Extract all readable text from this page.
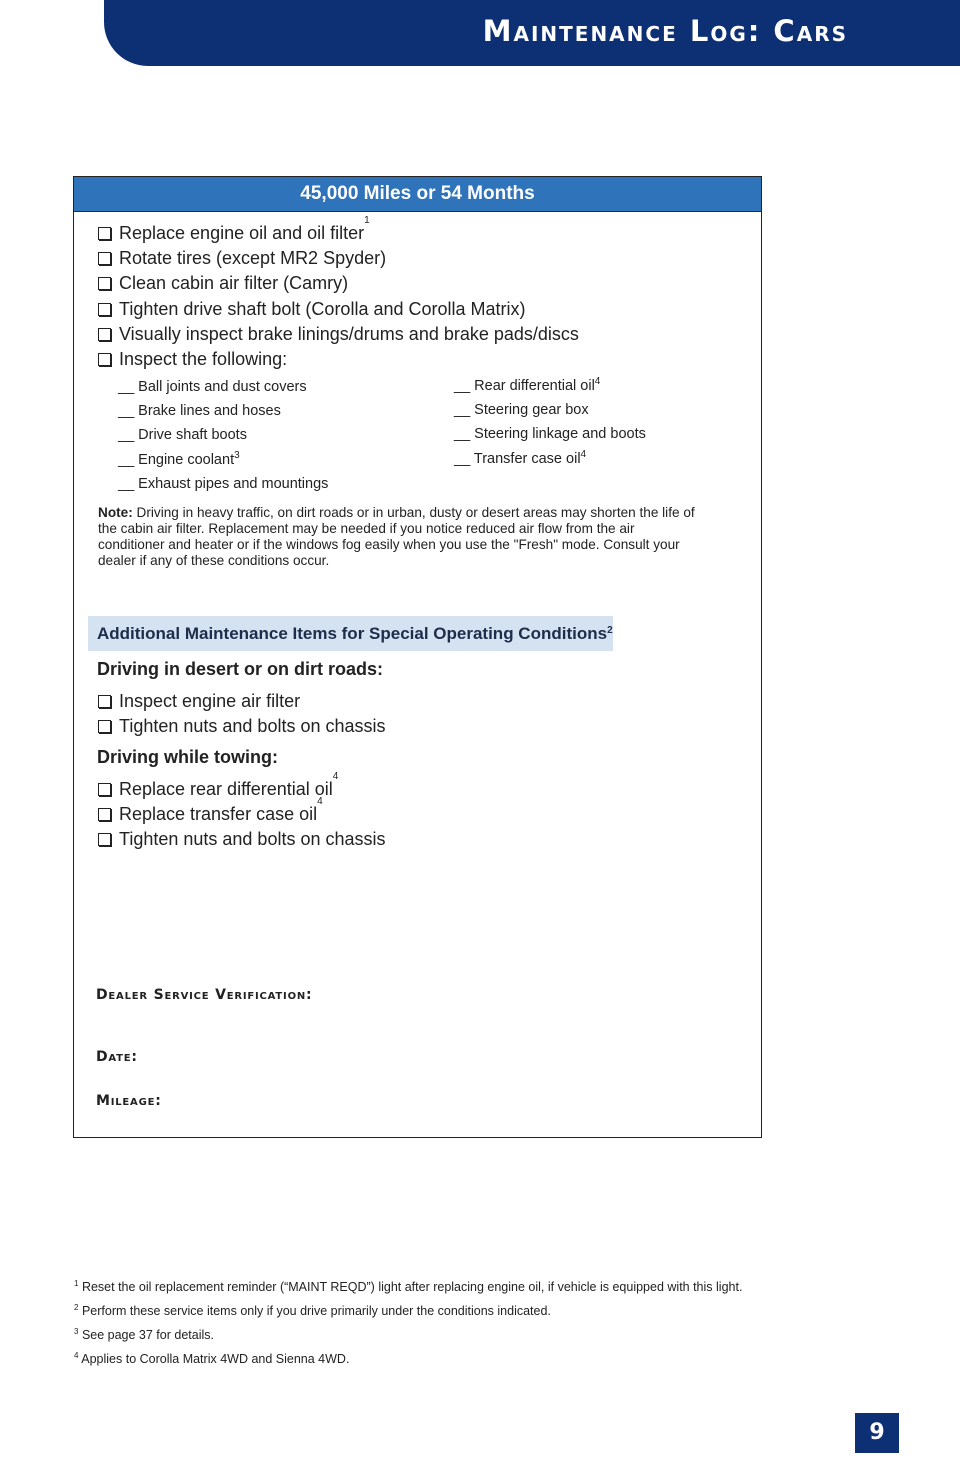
Maintenance Log: Cars
45,000 Miles or 54 Months
Replace engine oil and oil filter
1
Rotate tires (except MR2 Spyder)
Clean cabin air filter (Camry)
Tighten drive shaft bolt (Corolla and Corolla Matrix)
Visually inspect brake linings/drums and brake pads/discs
Inspect the following:
__ Ball joints and dust covers
__ Brake lines and hoses
__ Drive shaft boots
__ Engine coolant$^3$
__ Exhaust pipes and mountings
__ Rear differential oil$^4$
__ Steering gear box
__ Steering linkage and boots
__ Transfer case oil$^4$
Note: Driving in heavy traffic, on dirt roads or in urban, dusty or desert areas may shorten the life of the cabin air filter. Replacement may be needed if you notice reduced air flow from the air conditioner and heater or if the windows fog easily when you use the "Fresh" mode. Consult your dealer if any of these conditions occur.
Additional Maintenance Items for Special Operating Conditions$^2$
Driving in desert or on dirt roads:
Inspect engine air filter
Tighten nuts and bolts on chassis
Driving while towing:
Replace rear differential oil
4
Replace transfer case oil
4
Tighten nuts and bolts on chassis
Dealer Service Verification:
Date:
Mileage:
$^1$ Reset the oil replacement reminder (“MAINT REQD”) light after replacing engine oil, if vehicle is equipped with this light.
$^2$ Perform these service items only if you drive primarily under the conditions indicated.
$^3$ See page 37 for details.
$^4$ Applies to Corolla Matrix 4WD and Sienna 4WD.
9
